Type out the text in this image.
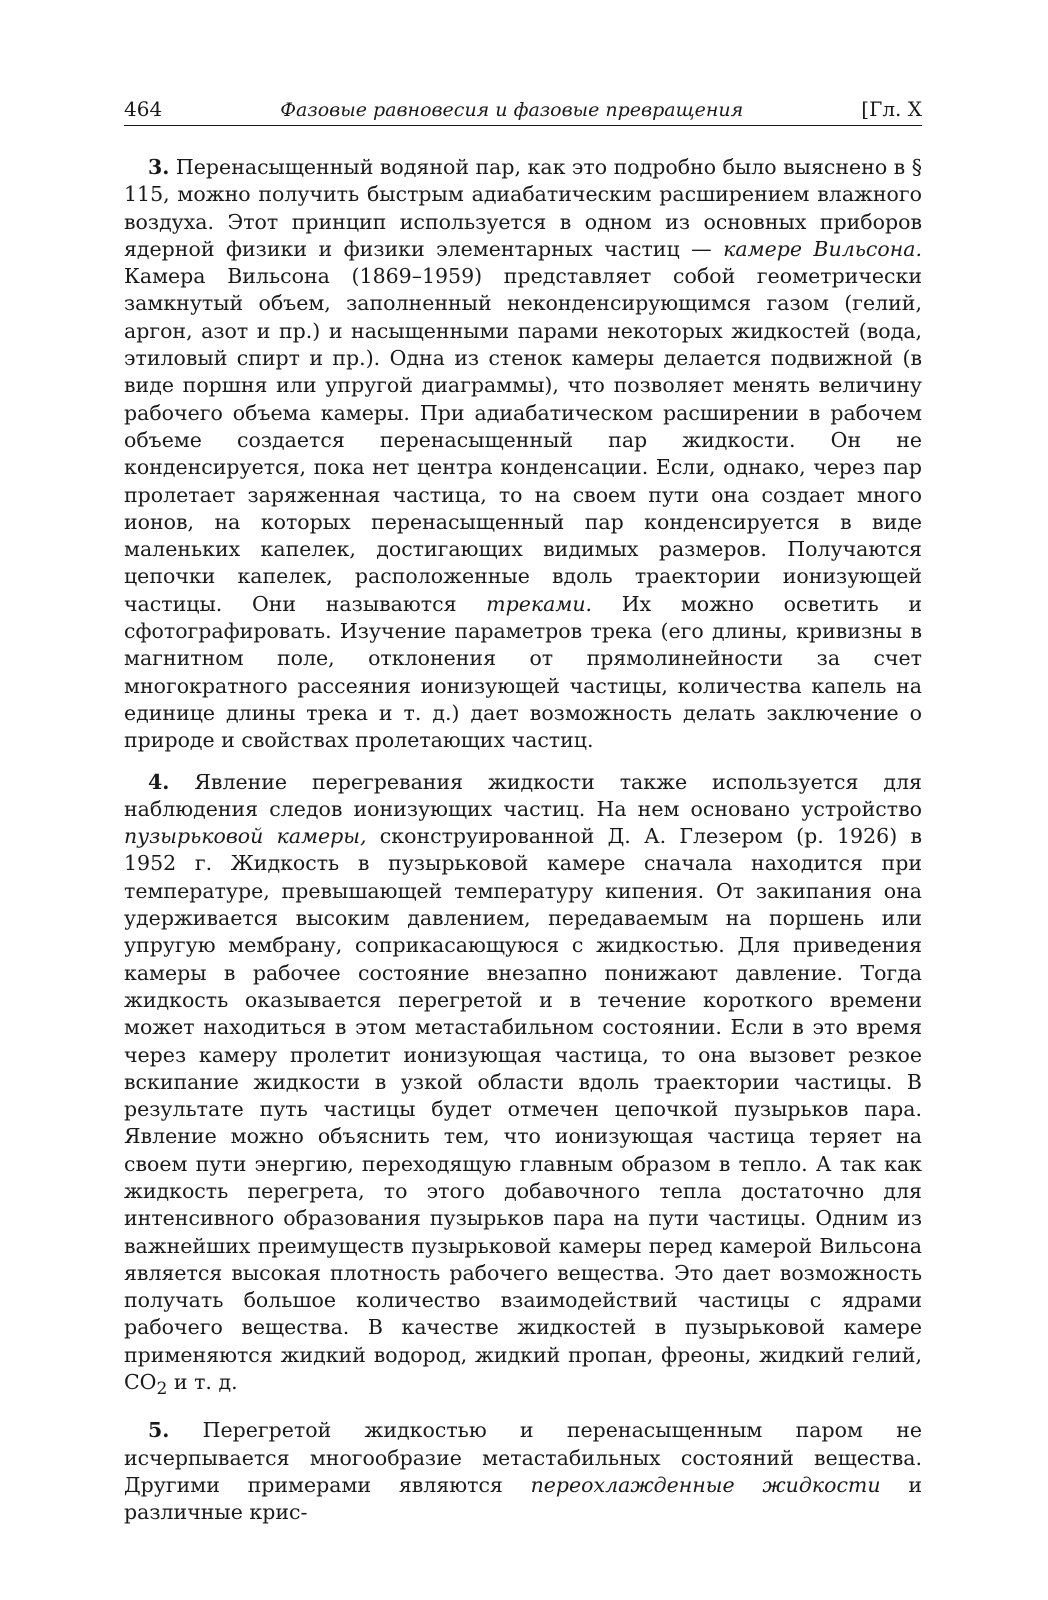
464	Фазовые равновесия и фазовые превращения	[Гл. X

3. Перенасыщенный водяной пар, как это подробно было выяснено в § 115, можно получить быстрым адиабатическим расширением влажного воздуха. Этот принцип используется в одном из основных приборов ядерной физики и физики элементарных частиц — камере Вильсона. Камера Вильсона (1869–1959) представляет собой геометрически замкнутый объем, заполненный неконденсирующимся газом (гелий, аргон, азот и пр.) и насыщенными парами некоторых жидкостей (вода, этиловый спирт и пр.). Одна из стенок камеры делается подвижной (в виде поршня или упругой диаграммы), что позволяет менять величину рабочего объема камеры. При адиабатическом расширении в рабочем объеме создается перенасыщенный пар жидкости. Он не конденсируется, пока нет центра конденсации. Если, однако, через пар пролетает заряженная частица, то на своем пути она создает много ионов, на которых перенасыщенный пар конденсируется в виде маленьких капелек, достигающих видимых размеров. Получаются цепочки капелек, расположенные вдоль траектории ионизующей частицы. Они называются треками. Их можно осветить и сфотографировать. Изучение параметров трека (его длины, кривизны в магнитном поле, отклонения от прямолинейности за счет многократного рассеяния ионизующей частицы, количества капель на единице длины трека и т. д.) дает возможность делать заключение о природе и свойствах пролетающих частиц.

4. Явление перегревания жидкости также используется для наблюдения следов ионизующих частиц. На нем основано устройство пузырьковой камеры, сконструированной Д. А. Глезером (р. 1926) в 1952 г. Жидкость в пузырьковой камере сначала находится при температуре, превышающей температуру кипения. От закипания она удерживается высоким давлением, передаваемым на поршень или упругую мембрану, соприкасающуюся с жидкостью. Для приведения камеры в рабочее состояние внезапно понижают давление. Тогда жидкость оказывается перегретой и в течение короткого времени может находиться в этом метастабильном состоянии. Если в это время через камеру пролетит ионизующая частица, то она вызовет резкое вскипание жидкости в узкой области вдоль траектории частицы. В результате путь частицы будет отмечен цепочкой пузырьков пара. Явление можно объяснить тем, что ионизующая частица теряет на своем пути энергию, переходящую главным образом в тепло. А так как жидкость перегрета, то этого добавочного тепла достаточно для интенсивного образования пузырьков пара на пути частицы. Одним из важнейших преимуществ пузырьковой камеры перед камерой Вильсона является высокая плотность рабочего вещества. Это дает возможность получать большое количество взаимодействий частицы с ядрами рабочего вещества. В качестве жидкостей в пузырьковой камере применяются жидкий водород, жидкий пропан, фреоны, жидкий гелий, $CO_2$ и т. д.

5. Перегретой жидкостью и перенасыщенным паром не исчерпывается многообразие метастабильных состояний вещества. Другими примерами являются переохлажденные жидкости и различные крис-
